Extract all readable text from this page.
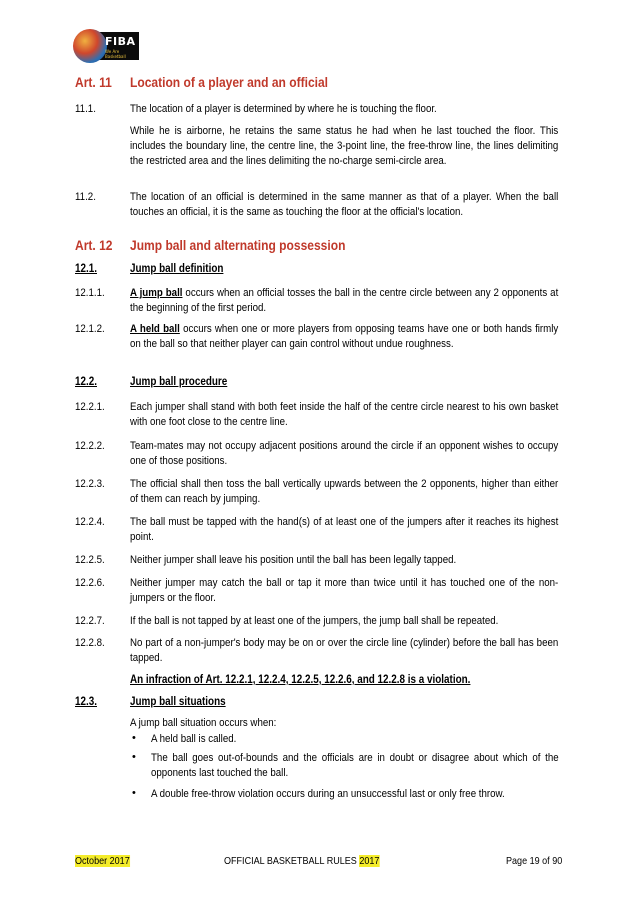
FIBA
We Are Basketball
Art. 11 Location of a player and an official
11.1.	The location of a player is determined by where he is touching the floor.
While he is airborne, he retains the same status he had when he last touched the floor. This includes the boundary line, the centre line, the 3-point line, the free-throw line, the lines delimiting the restricted area and the lines delimiting the no-charge semi-circle area.
11.2.	The location of an official is determined in the same manner as that of a player. When the ball touches an official, it is the same as touching the floor at the official's location.
Art. 12 Jump ball and alternating possession
12.1.	Jump ball definition
12.1.1. A jump ball occurs when an official tosses the ball in the centre circle between any 2 opponents at the beginning of the first period.
12.1.2. A held ball occurs when one or more players from opposing teams have one or both hands firmly on the ball so that neither player can gain control without undue roughness.
12.2.	Jump ball procedure
12.2.1. Each jumper shall stand with both feet inside the half of the centre circle nearest to his own basket with one foot close to the centre line.
12.2.2. Team-mates may not occupy adjacent positions around the circle if an opponent wishes to occupy one of those positions.
12.2.3. The official shall then toss the ball vertically upwards between the 2 opponents, higher than either of them can reach by jumping.
12.2.4. The ball must be tapped with the hand(s) of at least one of the jumpers after it reaches its highest point.
12.2.5. Neither jumper shall leave his position until the ball has been legally tapped.
12.2.6. Neither jumper may catch the ball or tap it more than twice until it has touched one of the non-jumpers or the floor.
12.2.7. If the ball is not tapped by at least one of the jumpers, the jump ball shall be repeated.
12.2.8. No part of a non-jumper's body may be on or over the circle line (cylinder) before the ball has been tapped.
An infraction of Art. 12.2.1, 12.2.4, 12.2.5, 12.2.6, and 12.2.8 is a violation.
12.3.	Jump ball situations
A jump ball situation occurs when:
• A held ball is called.
• The ball goes out-of-bounds and the officials are in doubt or disagree about which of the opponents last touched the ball.
• A double free-throw violation occurs during an unsuccessful last or only free throw.
October 2017	OFFICIAL BASKETBALL RULES 2017	Page 19 of 90
